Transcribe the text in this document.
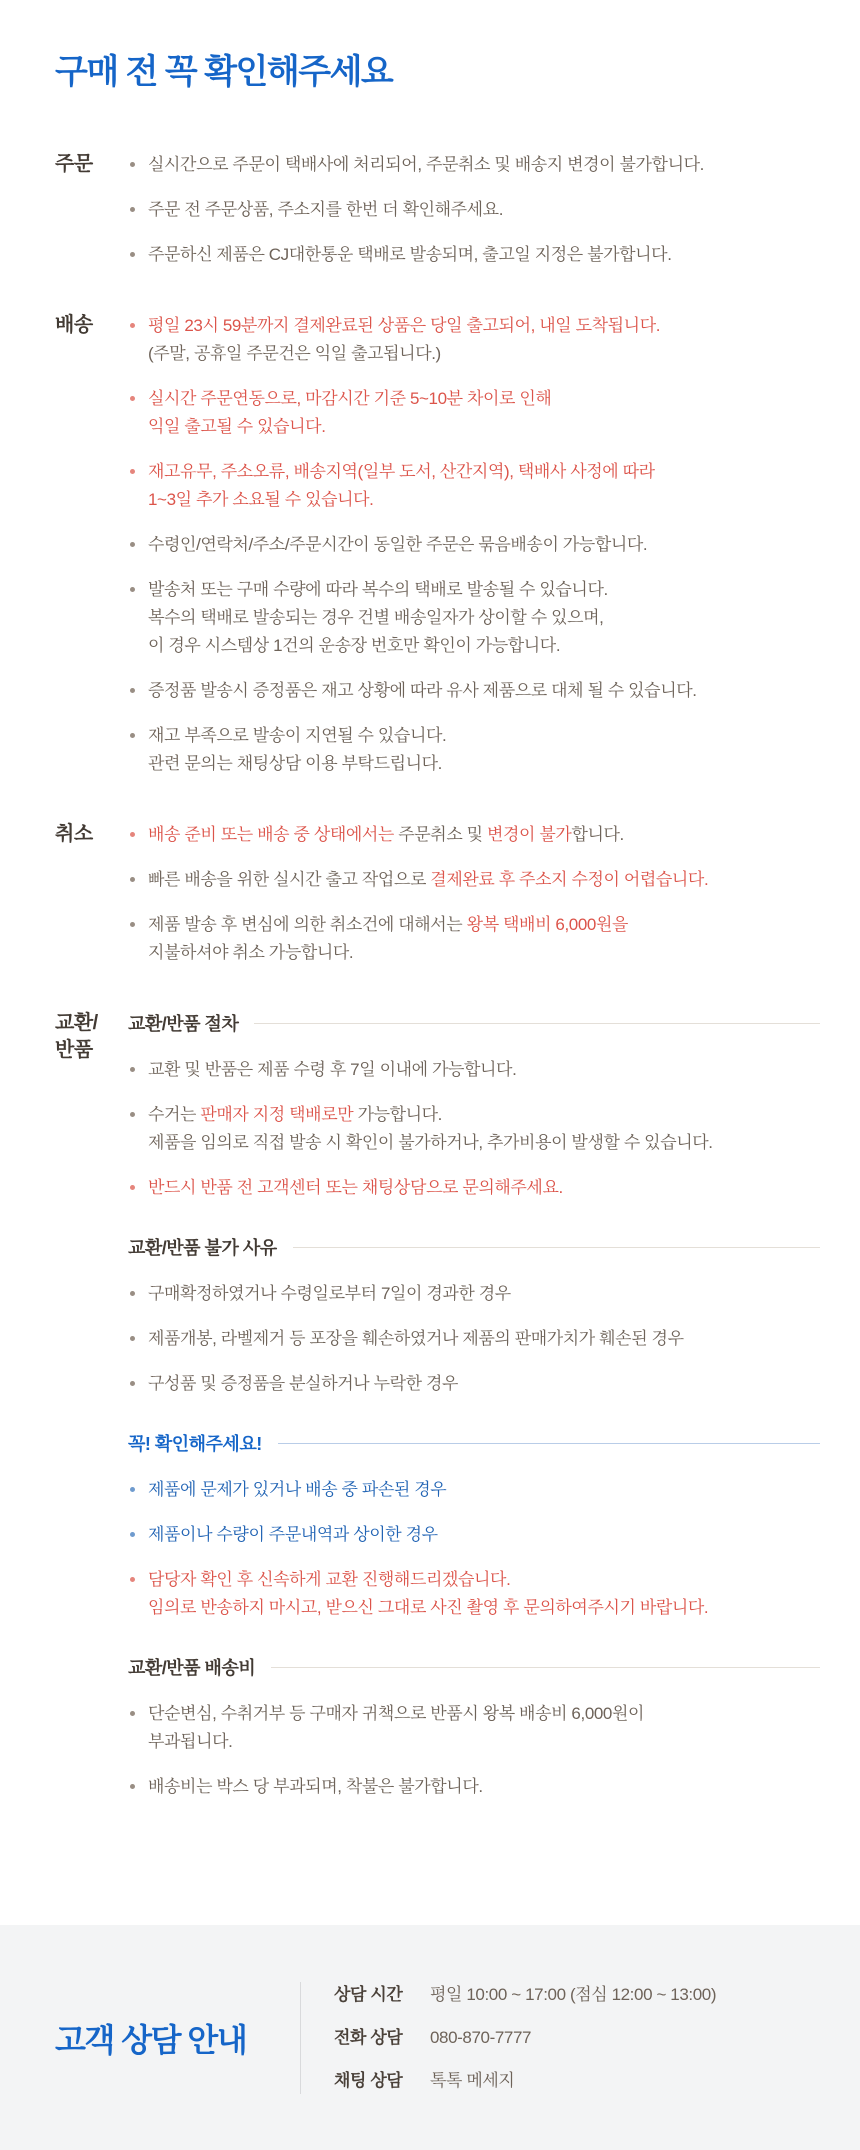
구매 전 꼭 확인해주세요
주문	실시간으로 주문이 택배사에 처리되어, 주문취소 및 배송지 변경이 불가합니다.
주문 전 주문상품, 주소지를 한번 더 확인해주세요.
주문하신 제품은 CJ대한통운 택배로 발송되며, 출고일 지정은 불가합니다.
배송	평일 23시 59분까지 결제완료된 상품은 당일 출고되어, 내일 도착됩니다.
(주말, 공휴일 주문건은 익일 출고됩니다.)
실시간 주문연동으로, 마감시간 기준 5~10분 차이로 인해
익일 출고될 수 있습니다.
재고유무, 주소오류, 배송지역(일부 도서, 산간지역), 택배사 사정에 따라
1~3일 추가 소요될 수 있습니다.
수령인/연락처/주소/주문시간이 동일한 주문은 묶음배송이 가능합니다.
발송처 또는 구매 수량에 따라 복수의 택배로 발송될 수 있습니다.
복수의 택배로 발송되는 경우 건별 배송일자가 상이할 수 있으며,
이 경우 시스템상 1건의 운송장 번호만 확인이 가능합니다.
증정품 발송시 증정품은 재고 상황에 따라 유사 제품으로 대체 될 수 있습니다.
재고 부족으로 발송이 지연될 수 있습니다.
관련 문의는 채팅상담 이용 부탁드립니다.
취소	배송 준비 또는 배송 중 상태에서는 주문취소 및 변경이 불가합니다.
빠른 배송을 위한 실시간 출고 작업으로 결제완료 후 주소지 수정이 어렵습니다.
제품 발송 후 변심에 의한 취소건에 대해서는 왕복 택배비 6,000원을
지불하셔야 취소 가능합니다.
교환/
반품
교환/반품 절차
교환 및 반품은 제품 수령 후 7일 이내에 가능합니다.
수거는 판매자 지정 택배로만 가능합니다.
제품을 임의로 직접 발송 시 확인이 불가하거나, 추가비용이 발생할 수 있습니다.
반드시 반품 전 고객센터 또는 채팅상담으로 문의해주세요.
교환/반품 불가 사유
구매확정하였거나 수령일로부터 7일이 경과한 경우
제품개봉, 라벨제거 등 포장을 훼손하였거나 제품의 판매가치가 훼손된 경우
구성품 및 증정품을 분실하거나 누락한 경우
꼭! 확인해주세요!
제품에 문제가 있거나 배송 중 파손된 경우
제품이나 수량이 주문내역과 상이한 경우
담당자 확인 후 신속하게 교환 진행해드리겠습니다.
임의로 반송하지 마시고, 받으신 그대로 사진 촬영 후 문의하여주시기 바랍니다.
교환/반품 배송비
단순변심, 수취거부 등 구매자 귀책으로 반품시 왕복 배송비 6,000원이
부과됩니다.
배송비는 박스 당 부과되며, 착불은 불가합니다.
고객 상담 안내
상담 시간	평일 10:00 ~ 17:00 (점심 12:00 ~ 13:00)
전화 상담	080-870-7777
채팅 상담	톡톡 메세지
